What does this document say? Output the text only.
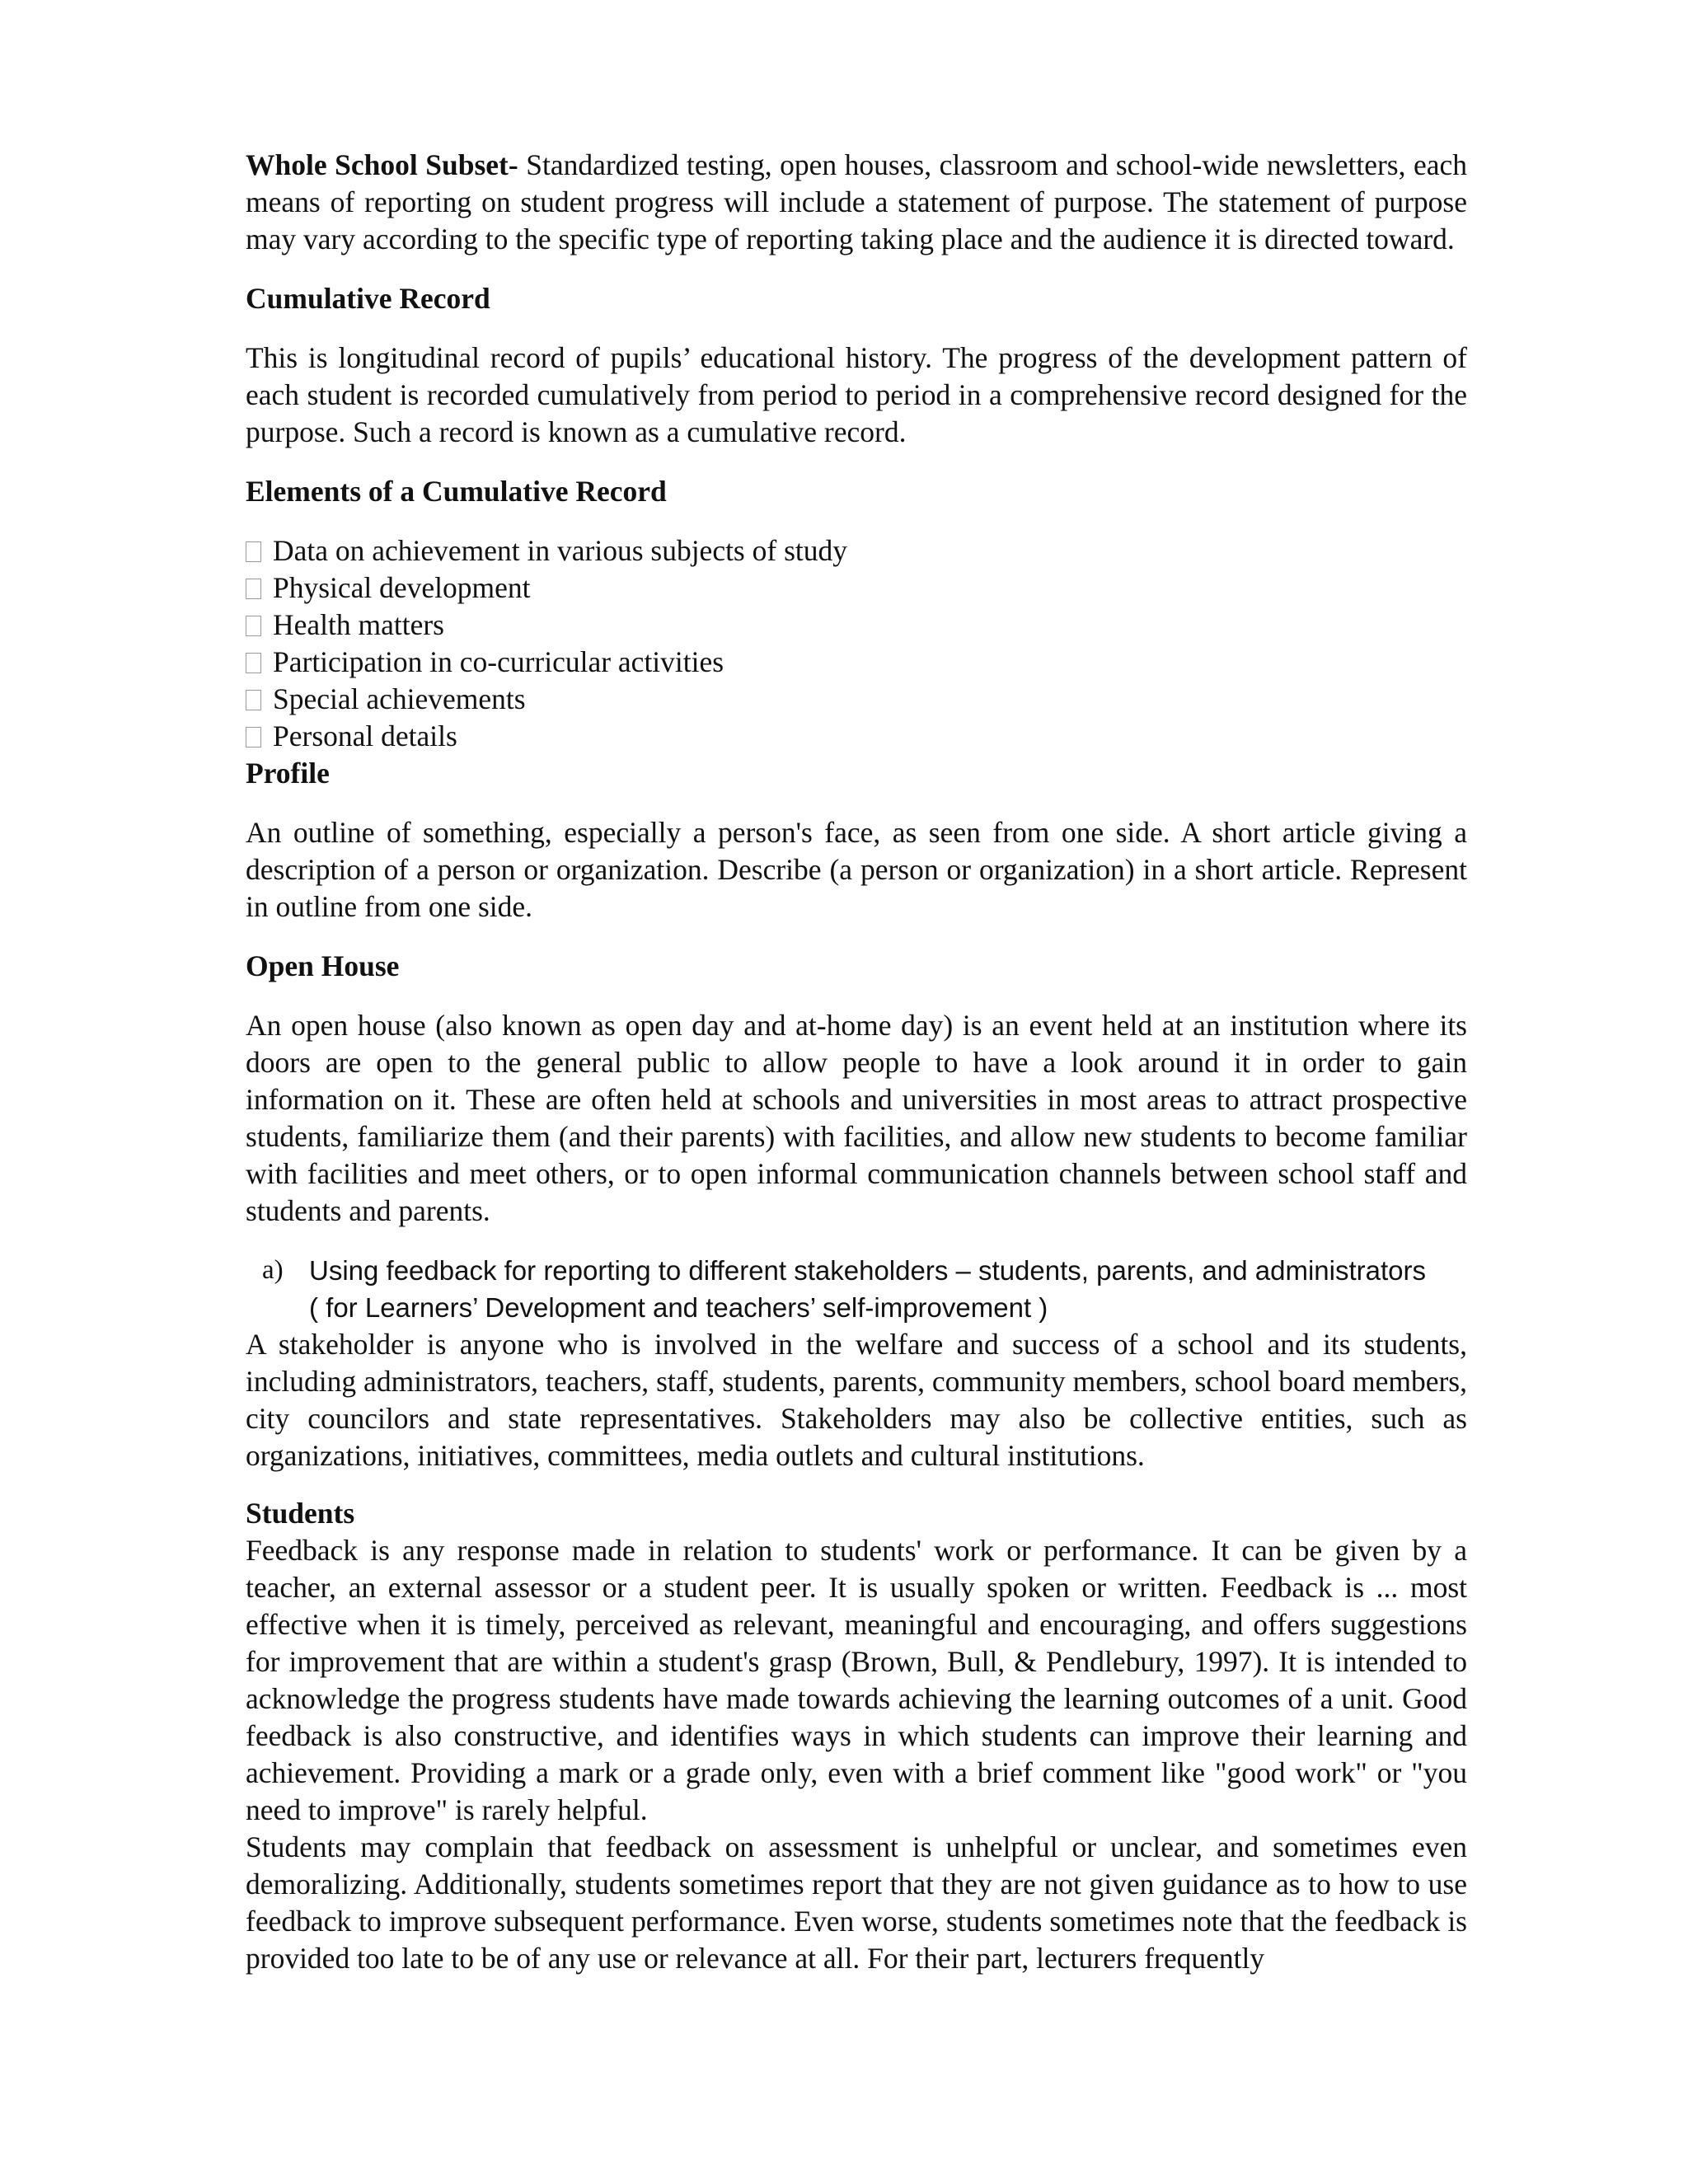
Whole School Subset- Standardized testing, open houses, classroom and school-wide newsletters, each means of reporting on student progress will include a statement of purpose. The statement of purpose may vary according to the specific type of reporting taking place and the audience it is directed toward.

Cumulative Record

This is longitudinal record of pupils’ educational history. The progress of the development pattern of each student is recorded cumulatively from period to period in a comprehensive record designed for the purpose. Such a record is known as a cumulative record.

Elements of a Cumulative Record

Data on achievement in various subjects of study
Physical development
Health matters
Participation in co-curricular activities
Special achievements
Personal details

Profile

An outline of something, especially a person's face, as seen from one side. A short article giving a description of a person or organization. Describe (a person or organization) in a short article. Represent in outline from one side.

Open House

An open house (also known as open day and at-home day) is an event held at an institution where its doors are open to the general public to allow people to have a look around it in order to gain information on it. These are often held at schools and universities in most areas to attract prospective students, familiarize them (and their parents) with facilities, and allow new students to become familiar with facilities and meet others, or to open informal communication channels between school staff and students and parents.

a) Using feedback for reporting to different stakeholders – students, parents, and administrators
( for Learners’ Development and teachers’ self-improvement )

A stakeholder is anyone who is involved in the welfare and success of a school and its students, including administrators, teachers, staff, students, parents, community members, school board members, city councilors and state representatives. Stakeholders may also be collective entities, such as organizations, initiatives, committees, media outlets and cultural institutions.

Students

Feedback is any response made in relation to students' work or performance. It can be given by a teacher, an external assessor or a student peer. It is usually spoken or written. Feedback is ... most effective when it is timely, perceived as relevant, meaningful and encouraging, and offers suggestions for improvement that are within a student's grasp (Brown, Bull, & Pendlebury, 1997). It is intended to acknowledge the progress students have made towards achieving the learning outcomes of a unit. Good feedback is also constructive, and identifies ways in which students can improve their learning and achievement. Providing a mark or a grade only, even with a brief comment like "good work" or "you need to improve" is rarely helpful.

Students may complain that feedback on assessment is unhelpful or unclear, and sometimes even demoralizing. Additionally, students sometimes report that they are not given guidance as to how to use feedback to improve subsequent performance. Even worse, students sometimes note that the feedback is provided too late to be of any use or relevance at all. For their part, lecturers frequently
